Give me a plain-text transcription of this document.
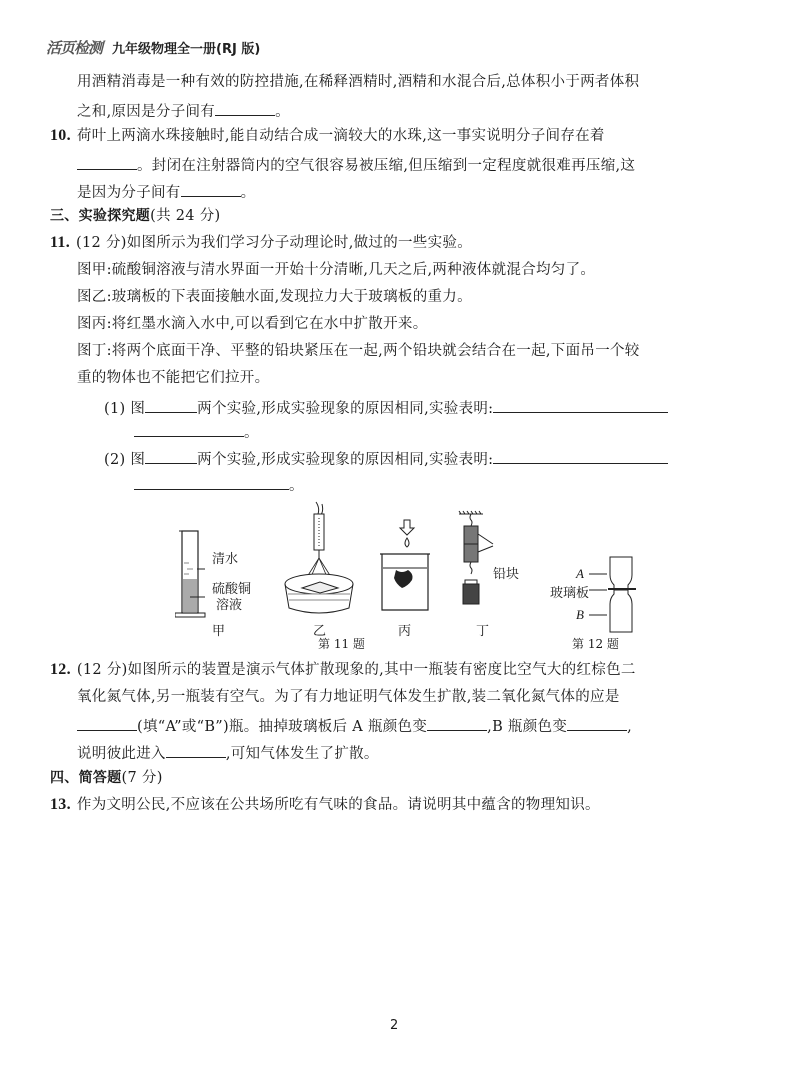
活页检测 九年级物理全一册(RJ 版)
用酒精消毒是一种有效的防控措施,在稀释酒精时,酒精和水混合后,总体积小于两者体积
之和,原因是分子间有	。
10. 荷叶上两滴水珠接触时,能自动结合成一滴较大的水珠,这一事实说明分子间存在着
。封闭在注射器筒内的空气很容易被压缩,但压缩到一定程度就很难再压缩,这
是因为分子间有	。
三、实验探究题(共 24 分)
11. (12 分)如图所示为我们学习分子动理论时,做过的一些实验。
图甲:硫酸铜溶液与清水界面一开始十分清晰,几天之后,两种液体就混合均匀了。
图乙:玻璃板的下表面接触水面,发现拉力大于玻璃板的重力。
图丙:将红墨水滴入水中,可以看到它在水中扩散开来。
图丁:将两个底面干净、平整的铅块紧压在一起,两个铅块就会结合在一起,下面吊一个较
重的物体也不能把它们拉开。
(1) 图	两个实验,形成实验现象的原因相同,实验表明:
。
(2) 图	两个实验,形成实验现象的原因相同,实验表明:
。
清水
硫酸铜
溶液
甲	乙	丙
铅块
丁
第 11 题
A
玻璃板
B
第 12 题
12. (12 分)如图所示的装置是演示气体扩散现象的,其中一瓶装有密度比空气大的红棕色二
氧化氮气体,另一瓶装有空气。为了有力地证明气体发生扩散,装二氧化氮气体的应是
(填“A”或“B”)瓶。抽掉玻璃板后 A 瓶颜色变	,B 瓶颜色变	,
说明彼此进入	,可知气体发生了扩散。
四、简答题(7 分)
13. 作为文明公民,不应该在公共场所吃有气味的食品。请说明其中蕴含的物理知识。
2
